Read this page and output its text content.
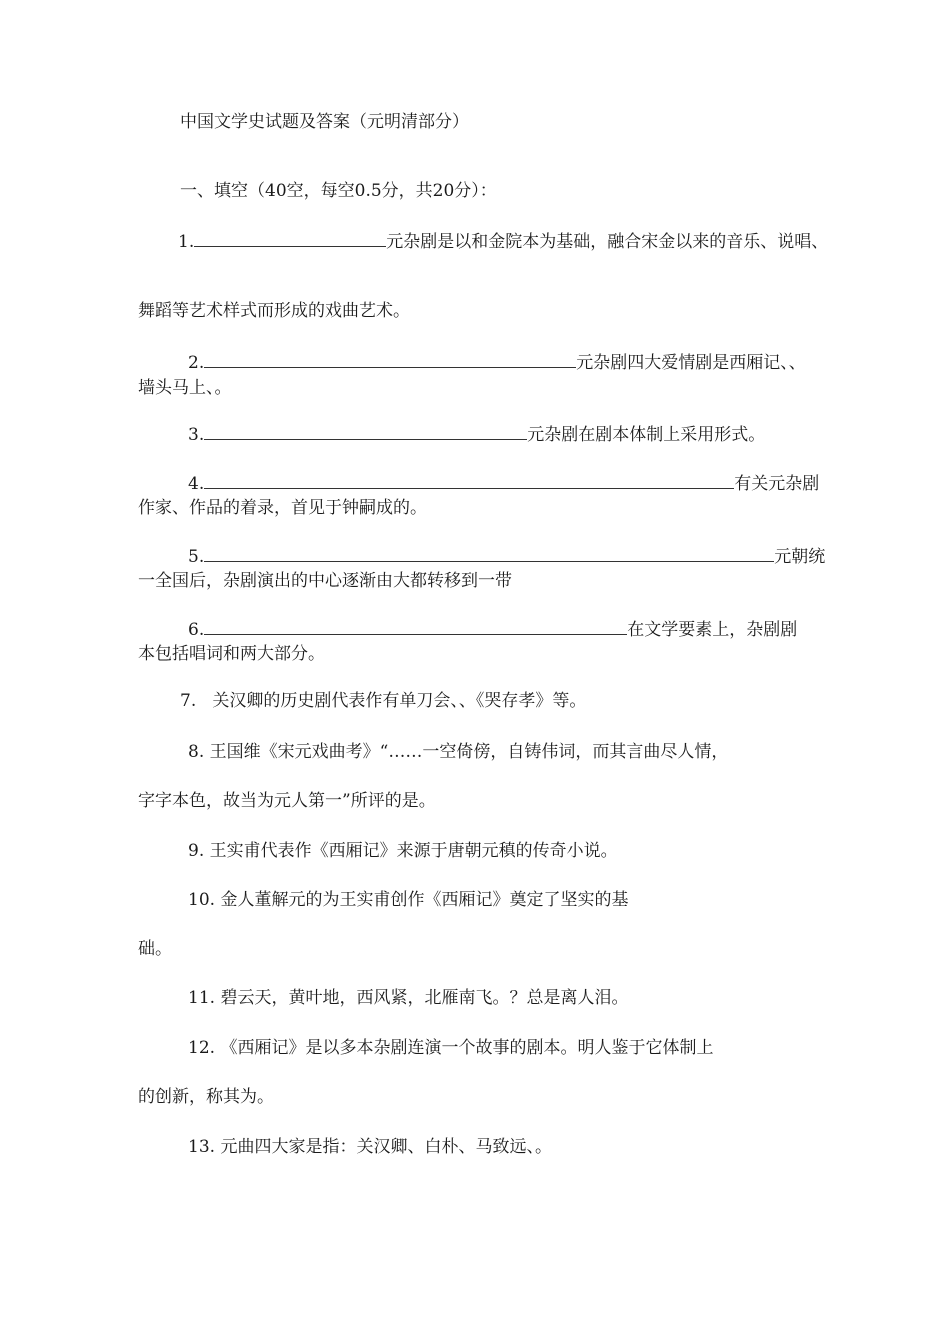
中国文学史试题及答案（元明清部分）
一、填空（40空，每空0.5分，共20分）：
1.	元杂剧是以和金院本为基础，融合宋金以来的音乐、说唱、
舞蹈等艺术样式而形成的戏曲艺术。
2.	元杂剧四大爱情剧是西厢记、、
墙头马上、。
3.	元杂剧在剧本体制上采用形式。
4.	有关元杂剧
作家、作品的着录，首见于钟嗣成的。
5.	元朝统
一全国后，杂剧演出的中心逐渐由大都转移到一带
6.	在文学要素上，杂剧剧
本包括唱词和两大部分。
7.   关汉卿的历史剧代表作有单刀会、、《哭存孝》等。
8. 王国维《宋元戏曲考》“……一空倚傍，自铸伟词，而其言曲尽人情，
字字本色，故当为元人第一”所评的是。
9. 王实甫代表作《西厢记》来源于唐朝元稹的传奇小说。
10. 金人董解元的为王实甫创作《西厢记》奠定了坚实的基
础。
11. 碧云天，黄叶地，西风紧，北雁南飞。？总是离人泪。
12. 《西厢记》是以多本杂剧连演一个故事的剧本。明人鉴于它体制上
的创新，称其为。
13. 元曲四大家是指：关汉卿、白朴、马致远、。
